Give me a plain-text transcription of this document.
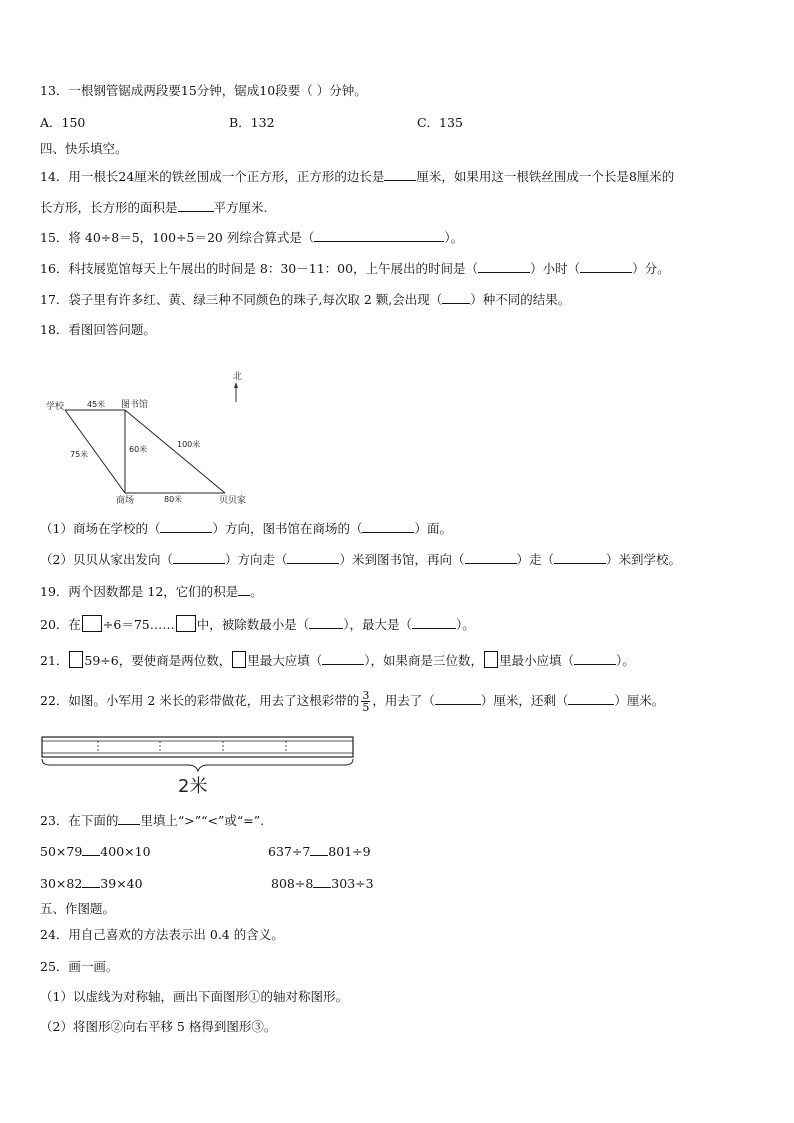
13．一根钢管锯成两段要15分钟，锯成10段要（ ）分钟。
A．150	B．132	C．135
四、快乐填空。
14．用一根长24厘米的铁丝围成一个正方形，正方形的边长是	厘米，如果用这一根铁丝围成一个长是8厘米的
长方形，长方形的面积是	平方厘米.
15．将 40÷8＝5，100÷5＝20 列综合算式是（	）。
16．科技展览馆每天上午展出的时间是 8：30－11：00，上午展出的时间是（	）小时（	）分。
17．袋子里有许多红、黄、绿三种不同颜色的珠子,每次取 2 颗,会出现（ ）种不同的结果。
18．看图回答问题。
北
学校	图书馆
商场	贝贝家
45米
75米
60米
100米
80米
（1）商场在学校的（	）方向，图书馆在商场的（	）面。
（2）贝贝从家出发向（	）方向走（	）米到图书馆，再向（	）走（	）米到学校。
19．两个因数都是 12，它们的积是 。
20．在 ÷6＝75…… 中，被除数最小是（	），最大是（	）。
21． 59÷6，要使商是两位数， 里最大应填（	），如果商是三位数， 里最小应填（	）。
22．如图。小军用 2 米长的彩带做花，用去了这根彩带的 $\frac{3}{5}$ ，用去了（	）厘米，还剩（	）厘米。
2米
23．在下面的 里填上“>”“<”或“=”.
50×79 400×10	637÷7 801÷9
30×82 39×40	808÷8 303÷3
五、作图题。
24．用自己喜欢的方法表示出 0.4 的含义。
25．画一画。
（1）以虚线为对称轴，画出下面图形①的轴对称图形。
（2）将图形②向右平移 5 格得到图形③。
